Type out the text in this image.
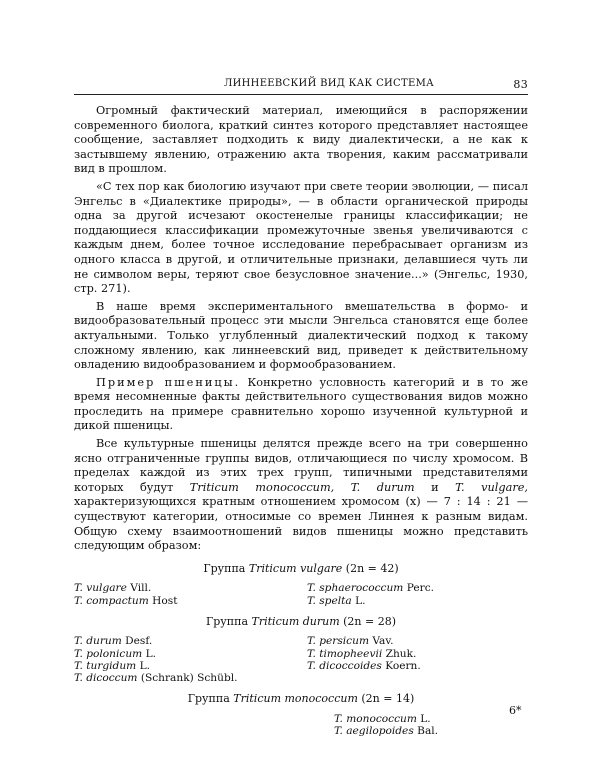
ЛИННЕЕВСКИЙ ВИД КАК СИСТЕМА	83

Огромный фактический материал, имеющийся в распоряжении современного биолога, краткий синтез которого представляет настоящее сообщение, заставляет подходить к виду диалектически, а не как к застывшему явлению, отражению акта творения, каким рассматривали вид в прошлом.

«С тех пор как биологию изучают при свете теории эволюции, — писал Энгельс в «Диалектике природы», — в области органической природы одна за другой исчезают окостенелые границы классификации; не поддающиеся классификации промежуточные звенья увеличиваются с каждым днем, более точное исследование перебрасывает организм из одного класса в другой, и отличительные признаки, делавшиеся чуть ли не символом веры, теряют свое безусловное значение...» (Энгельс, 1930, стр. 271).

В наше время экспериментального вмешательства в формо- и видообразовательный процесс эти мысли Энгельса становятся еще более актуальными. Только углубленный диалектический подход к такому сложному явлению, как линнеевский вид, приведет к действительному овладению видообразованием и формообразованием.

Пример пшеницы. Конкретно условность категорий и в то же время несомненные факты действительного существования видов можно проследить на примере сравнительно хорошо изученной культурной и дикой пшеницы.

Все культурные пшеницы делятся прежде всего на три совершенно ясно отграниченные группы видов, отличающиеся по числу хромосом. В пределах каждой из этих трех групп, типичными представителями которых будут Triticum monococcum, T. durum и T. vulgare, характеризующихся кратным отношением хромосом (x) — 7 : 14 : 21 — существуют категории, относимые со времен Линнея к разным видам. Общую схему взаимоотношений видов пшеницы можно представить следующим образом:

Группа Triticum vulgare (2n = 42)
T. vulgare Vill.
T. compactum Host
T. sphaerococcum Perc.
T. spelta L.
Группа Triticum durum (2n = 28)
T. durum Desf.
T. polonicum L.
T. turgidum L.
T. dicoccum (Schrank) Schübl.
T. persicum Vav.
T. timopheevii Zhuk.
T. dicoccoides Koern.
Группа Triticum monococcum (2n = 14)
T. monococcum L.
T. aegilopoides Bal.
6*
